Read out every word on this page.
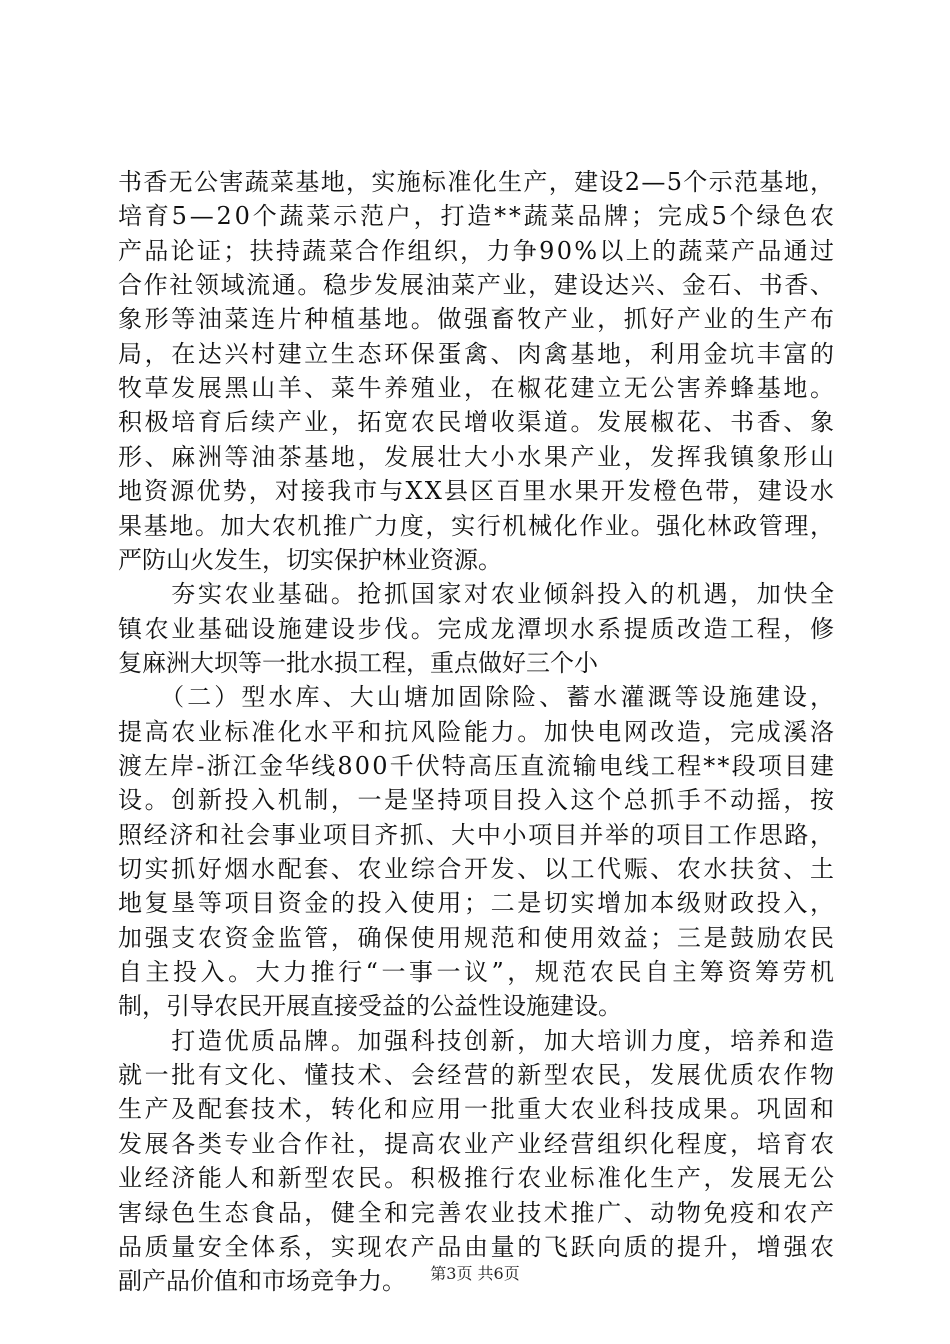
书香无公害蔬菜基地，实施标准化生产，建设2—5个示范基地，
培育5—20个蔬菜示范户，打造**蔬菜品牌；完成5个绿色农
产品论证；扶持蔬菜合作组织，力争90%以上的蔬菜产品通过
合作社领域流通。稳步发展油菜产业，建设达兴、金石、书香、
象形等油菜连片种植基地。做强畜牧产业，抓好产业的生产布
局，在达兴村建立生态环保蛋禽、肉禽基地，利用金坑丰富的
牧草发展黑山羊、菜牛养殖业，在椒花建立无公害养蜂基地。
积极培育后续产业，拓宽农民增收渠道。发展椒花、书香、象
形、麻洲等油茶基地，发展壮大小水果产业，发挥我镇象形山
地资源优势，对接我市与XX县区百里水果开发橙色带，建设水
果基地。加大农机推广力度，实行机械化作业。强化林政管理，
严防山火发生，切实保护林业资源。
　　夯实农业基础。抢抓国家对农业倾斜投入的机遇，加快全
镇农业基础设施建设步伐。完成龙潭坝水系提质改造工程，修
复麻洲大坝等一批水损工程，重点做好三个小
　　（二）型水库、大山塘加固除险、蓄水灌溉等设施建设，
提高农业标准化水平和抗风险能力。加快电网改造，完成溪洛
渡左岸-浙江金华线800千伏特高压直流输电线工程**段项目建
设。创新投入机制，一是坚持项目投入这个总抓手不动摇，按
照经济和社会事业项目齐抓、大中小项目并举的项目工作思路，
切实抓好烟水配套、农业综合开发、以工代赈、农水扶贫、土
地复垦等项目资金的投入使用；二是切实增加本级财政投入，
加强支农资金监管，确保使用规范和使用效益；三是鼓励农民
自主投入。大力推行“一事一议”，规范农民自主筹资筹劳机
制，引导农民开展直接受益的公益性设施建设。
　　打造优质品牌。加强科技创新，加大培训力度，培养和造
就一批有文化、懂技术、会经营的新型农民，发展优质农作物
生产及配套技术，转化和应用一批重大农业科技成果。巩固和
发展各类专业合作社，提高农业产业经营组织化程度，培育农
业经济能人和新型农民。积极推行农业标准化生产，发展无公
害绿色生态食品，健全和完善农业技术推广、动物免疫和农产
品质量安全体系，实现农产品由量的飞跃向质的提升，增强农
副产品价值和市场竞争力。	第3页 共6页
